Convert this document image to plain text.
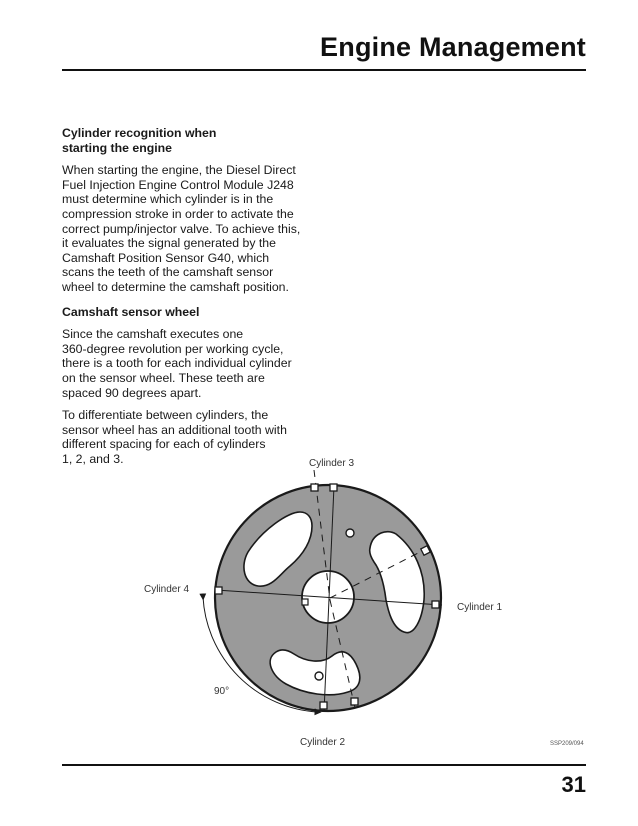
Engine Management
Cylinder recognition when
starting the engine
When starting the engine, the Diesel Direct
Fuel Injection Engine Control Module J248
must determine which cylinder is in the
compression stroke in order to activate the
correct pump/injector valve. To achieve this,
it evaluates the signal generated by the
Camshaft Position Sensor G40, which
scans the teeth of the camshaft sensor
wheel to determine the camshaft position.
Camshaft sensor wheel
Since the camshaft executes one
360-degree revolution per working cycle,
there is a tooth for each individual cylinder
on the sensor wheel. These teeth are
spaced 90 degrees apart.
To differentiate between cylinders, the
sensor wheel has an additional tooth with
different spacing for each of cylinders
1, 2, and 3.	Cylinder 3
Cylinder 4
Cylinder 1
Cylinder 2
90°
SSP209/094
31
